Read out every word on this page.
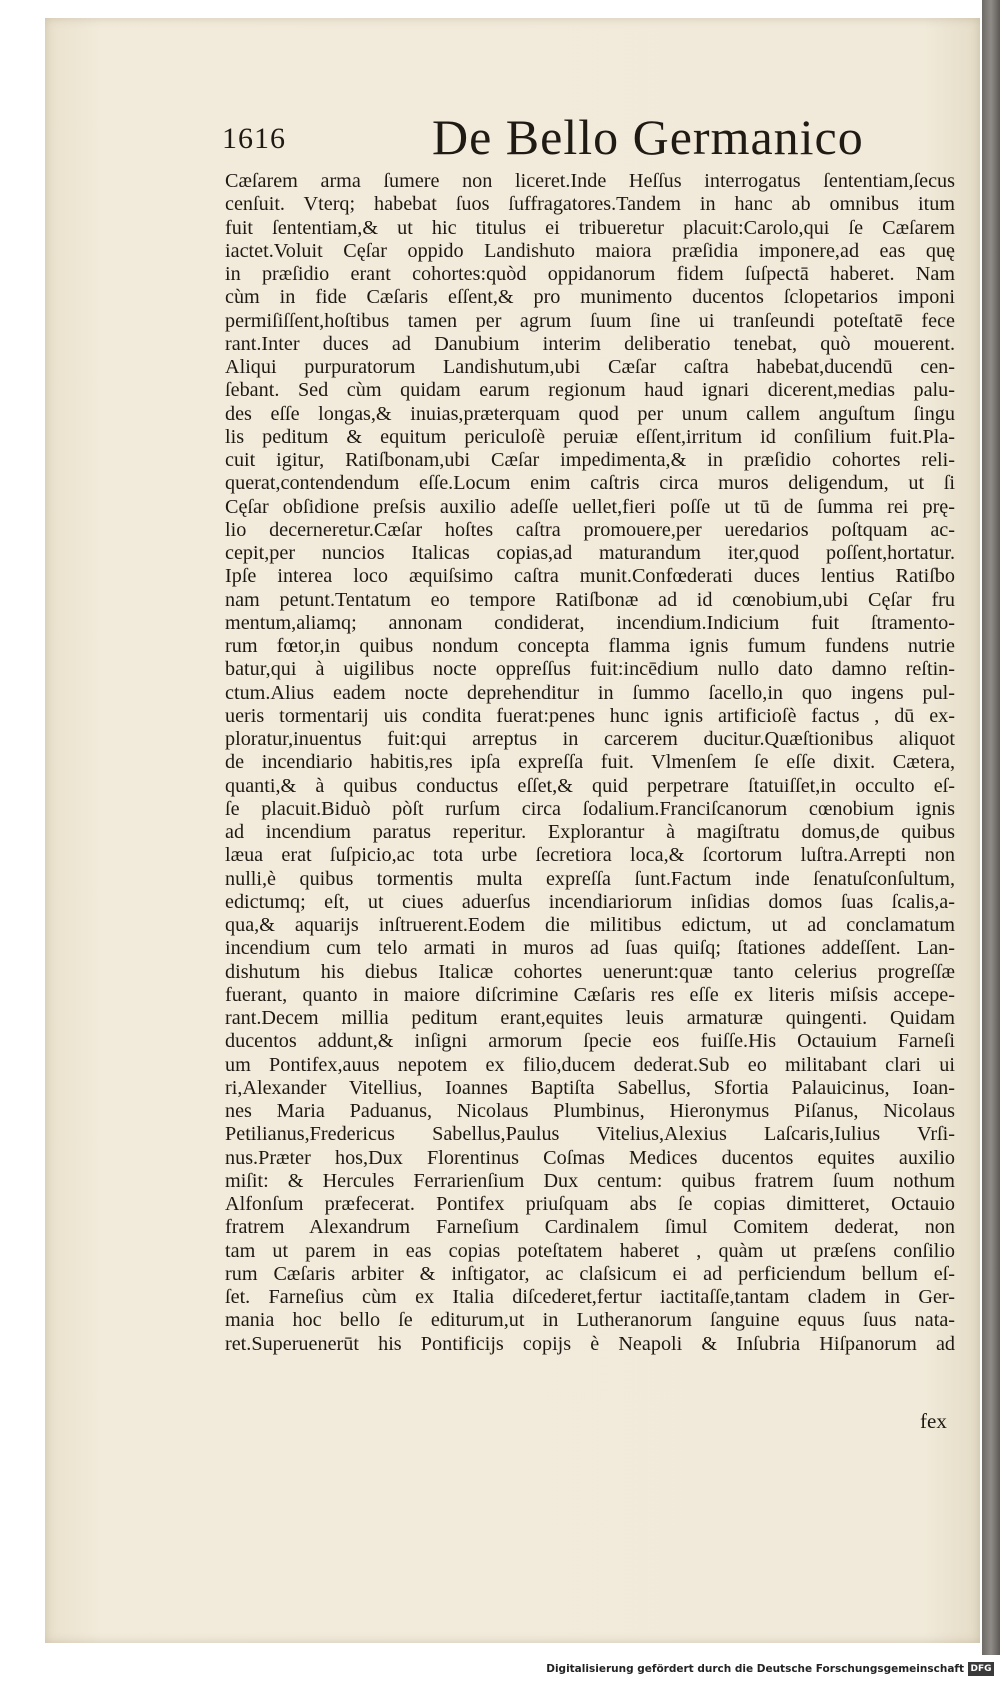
1616	De Bello Germanico
Cæſarem arma ſumere non liceret.Inde Heſſus interrogatus ſententiam,ſecus
cenſuit. Vterq; habebat ſuos ſuffragatores.Tandem in hanc ab omnibus itum
fuit ſententiam,& ut hic titulus ei tribueretur placuit:Carolo,qui ſe Cæſarem
iactet.Voluit Cęſar oppido Landishuto maiora præſidia imponere,ad eas quę
in præſidio erant cohortes:quòd oppidanorum fidem ſuſpectā haberet. Nam
cùm in fide Cæſaris eſſent,& pro munimento ducentos ſclopetarios imponi
permiſiſſent,hoſtibus tamen per agrum ſuum ſine ui tranſeundi poteſtatē fece
rant.Inter duces ad Danubium interim deliberatio tenebat, quò mouerent.
Aliqui purpuratorum Landishutum,ubi Cæſar caſtra habebat,ducendū cen-
ſebant. Sed cùm quidam earum regionum haud ignari dicerent,medias palu-
des eſſe longas,& inuias,præterquam quod per unum callem anguſtum ſingu
lis peditum & equitum periculoſè peruiæ eſſent,irritum id conſilium fuit.Pla-
cuit igitur, Ratiſbonam,ubi Cæſar impedimenta,& in præſidio cohortes reli-
querat,contendendum eſſe.Locum enim caſtris circa muros deligendum, ut ſi
Cęſar obſidione preſsis auxilio adeſſe uellet,fieri poſſe ut tū de ſumma rei prę-
lio decerneretur.Cæſar hoſtes caſtra promouere,per ueredarios poſtquam ac-
cepit,per nuncios Italicas copias,ad maturandum iter,quod poſſent,hortatur.
Ipſe interea loco æquiſsimo caſtra munit.Confœderati duces lentius Ratiſbo
nam petunt.Tentatum eo tempore Ratiſbonæ ad id cœnobium,ubi Cęſar fru
mentum,aliamq; annonam condiderat, incendium.Indicium fuit ſtramento-
rum fœtor,in quibus nondum concepta flamma ignis fumum fundens nutrie
batur,qui à uigilibus nocte oppreſſus fuit:incēdium nullo dato damno reſtin-
ctum.Alius eadem nocte deprehenditur in ſummo ſacello,in quo ingens pul-
ueris tormentarij uis condita fuerat:penes hunc ignis artificioſè factus , dū ex-
ploratur,inuentus fuit:qui arreptus in carcerem ducitur.Quæſtionibus aliquot
de incendiario habitis,res ipſa expreſſa fuit. Vlmenſem ſe eſſe dixit. Cætera,
quanti,& à quibus conductus eſſet,& quid perpetrare ſtatuiſſet,in occulto eſ-
ſe placuit.Biduò pòſt rurſum circa ſodalium.Franciſcanorum cœnobium ignis
ad incendium paratus reperitur. Explorantur à magiſtratu domus,de quibus
læua erat ſuſpicio,ac tota urbe ſecretiora loca,& ſcortorum luſtra.Arrepti non
nulli,è quibus tormentis multa expreſſa ſunt.Factum inde ſenatuſconſultum,
edictumq; eſt, ut ciues aduerſus incendiariorum inſidias domos ſuas ſcalis,a-
qua,& aquarijs inſtruerent.Eodem die militibus edictum, ut ad conclamatum
incendium cum telo armati in muros ad ſuas quiſq; ſtationes addeſſent. Lan-
dishutum his diebus Italicæ cohortes uenerunt:quæ tanto celerius progreſſæ
fuerant, quanto in maiore diſcrimine Cæſaris res eſſe ex literis miſsis accepe-
rant.Decem millia peditum erant,equites leuis armaturæ quingenti. Quidam
ducentos addunt,& inſigni armorum ſpecie eos fuiſſe.His Octauium Farneſi
um Pontifex,auus nepotem ex filio,ducem dederat.Sub eo militabant clari ui
ri,Alexander Vitellius, Ioannes Baptiſta Sabellus, Sfortia Palauicinus, Ioan-
nes Maria Paduanus, Nicolaus Plumbinus, Hieronymus Piſanus, Nicolaus
Petilianus,Fredericus Sabellus,Paulus Vitelius,Alexius Laſcaris,Iulius Vrſi-
nus.Præter hos,Dux Florentinus Coſmas Medices ducentos equites auxilio
miſit: & Hercules Ferrarienſium Dux centum: quibus fratrem ſuum nothum
Alfonſum præfecerat. Pontifex priuſquam abs ſe copias dimitteret, Octauio
fratrem Alexandrum Farneſium Cardinalem ſimul Comitem dederat, non
tam ut parem in eas copias poteſtatem haberet , quàm ut præſens conſilio
rum Cæſaris arbiter & inſtigator, ac claſsicum ei ad perficiendum bellum eſ-
ſet. Farneſius cùm ex Italia diſcederet,fertur iactitaſſe,tantam cladem in Ger-
mania hoc bello ſe editurum,ut in Lutheranorum ſanguine equus ſuus nata-
ret.Superuenerūt his Pontificijs copijs è Neapoli & Inſubria Hiſpanorum ad
fex
Digitalisierung gefördert durch die Deutsche Forschungsgemeinschaft DFG
